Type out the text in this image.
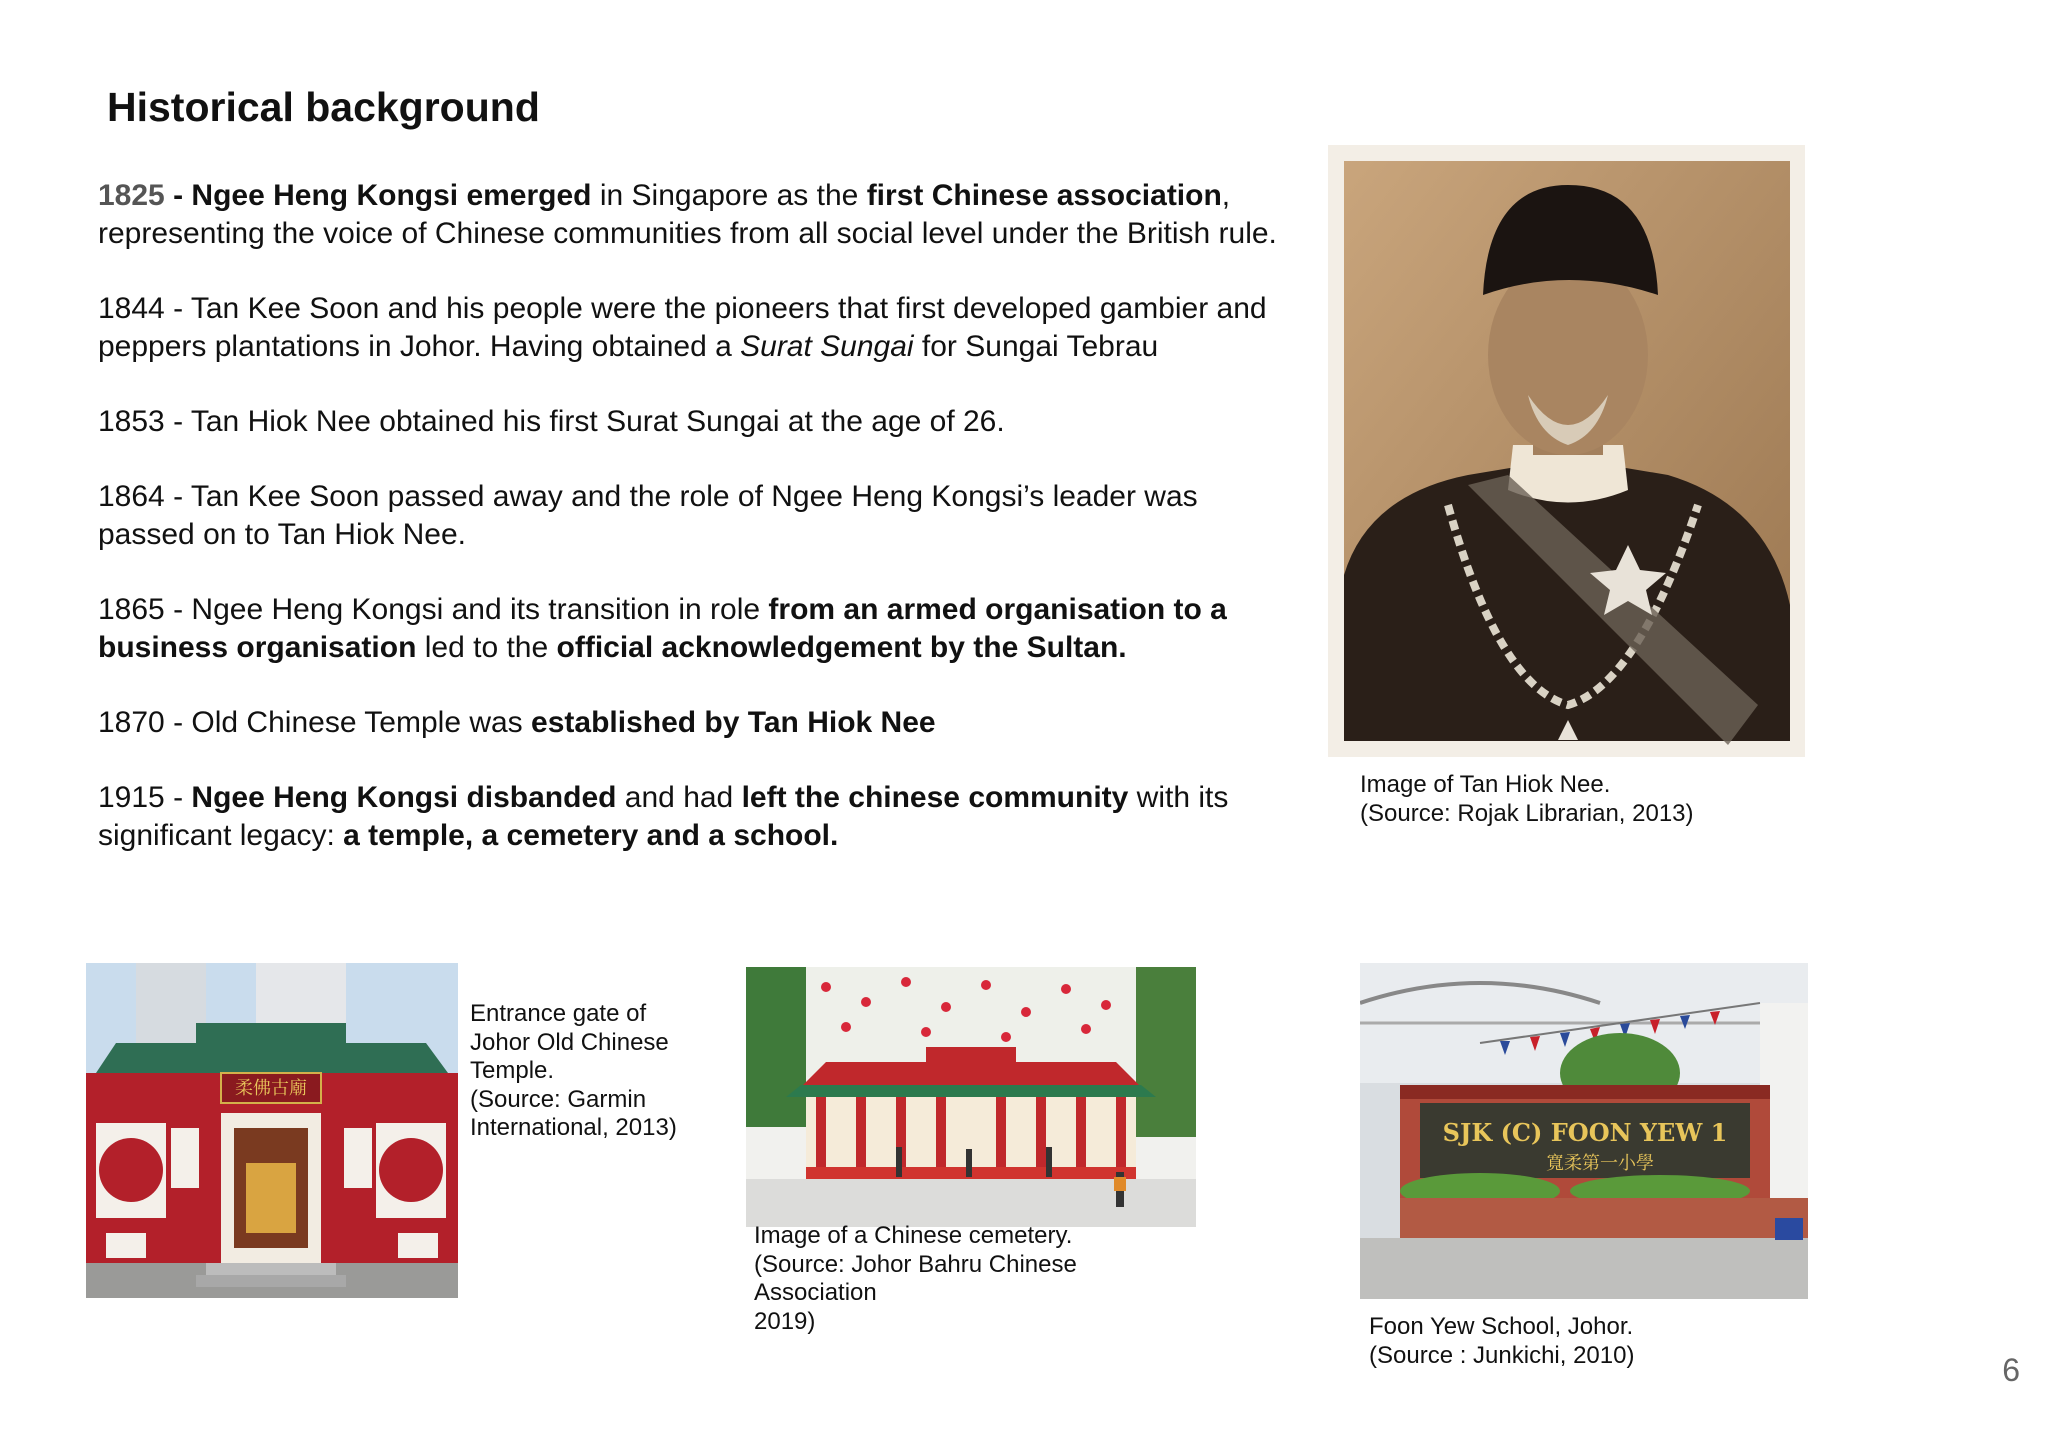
Historical background
1825 - Ngee Heng Kongsi emerged in Singapore as the first Chinese association, representing the voice of Chinese communities from all social level under the British rule.
1844 - Tan Kee Soon and his people were the pioneers that first developed gambier and peppers plantations in Johor. Having obtained a Surat Sungai for Sungai Tebrau
1853 - Tan Hiok Nee obtained his first Surat Sungai at the age of 26.
1864 - Tan Kee Soon passed away and the role of Ngee Heng Kongsi’s leader was passed on to Tan Hiok Nee.
1865 - Ngee Heng Kongsi and its transition in role from an armed organisation to a business organisation led to the official acknowledgement by the Sultan.
1870 - Old Chinese Temple was established by Tan Hiok Nee
1915 - Ngee Heng Kongsi disbanded and had left the chinese community with its significant legacy: a temple, a cemetery and a school.
Image of Tan Hiok Nee.
(Source: Rojak Librarian, 2013)
柔佛古廟
Entrance gate of
Johor Old Chinese
Temple.
(Source: Garmin
International, 2013)
Image of a Chinese cemetery.
(Source: Johor Bahru Chinese
Association
2019)
SJK (C) FOON YEW 1
寬柔第一小學
Foon Yew School, Johor.
(Source : Junkichi, 2010)	6
